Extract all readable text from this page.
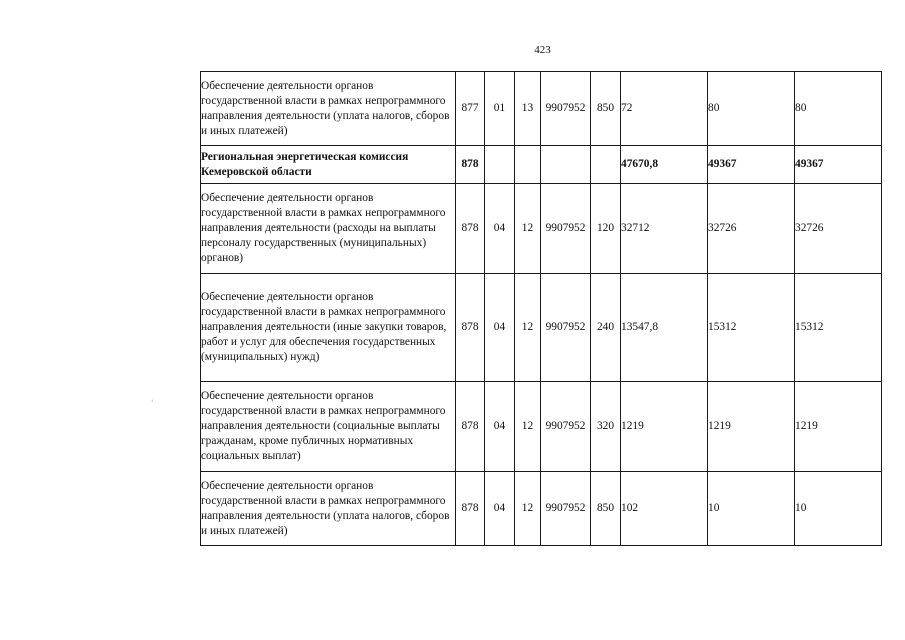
423
ʻ
Обеспечение деятельности органов государственной власти в рамках непрограммного направления деятельности (уплата налогов, сборов и иных платежей)	877	01	13	9907952	850	72	80	80
Региональная энергетическая комиссия Кемеровской области	878					47670,8	49367	49367
Обеспечение деятельности органов государственной власти в рамках непрограммного направления деятельности (расходы на выплаты персоналу государственных (муниципальных) органов)	878	04	12	9907952	120	32712	32726	32726
Обеспечение деятельности органов государственной власти в рамках непрограммного направления деятельности (иные закупки товаров, работ и услуг для обеспечения государственных (муниципальных) нужд)	878	04	12	9907952	240	13547,8	15312	15312
Обеспечение деятельности органов государственной власти в рамках непрограммного направления деятельности (социальные выплаты гражданам, кроме публичных нормативных социальных выплат)	878	04	12	9907952	320	1219	1219	1219
Обеспечение деятельности органов государственной власти в рамках непрограммного направления деятельности (уплата налогов, сборов и иных платежей)	878	04	12	9907952	850	102	10	10
